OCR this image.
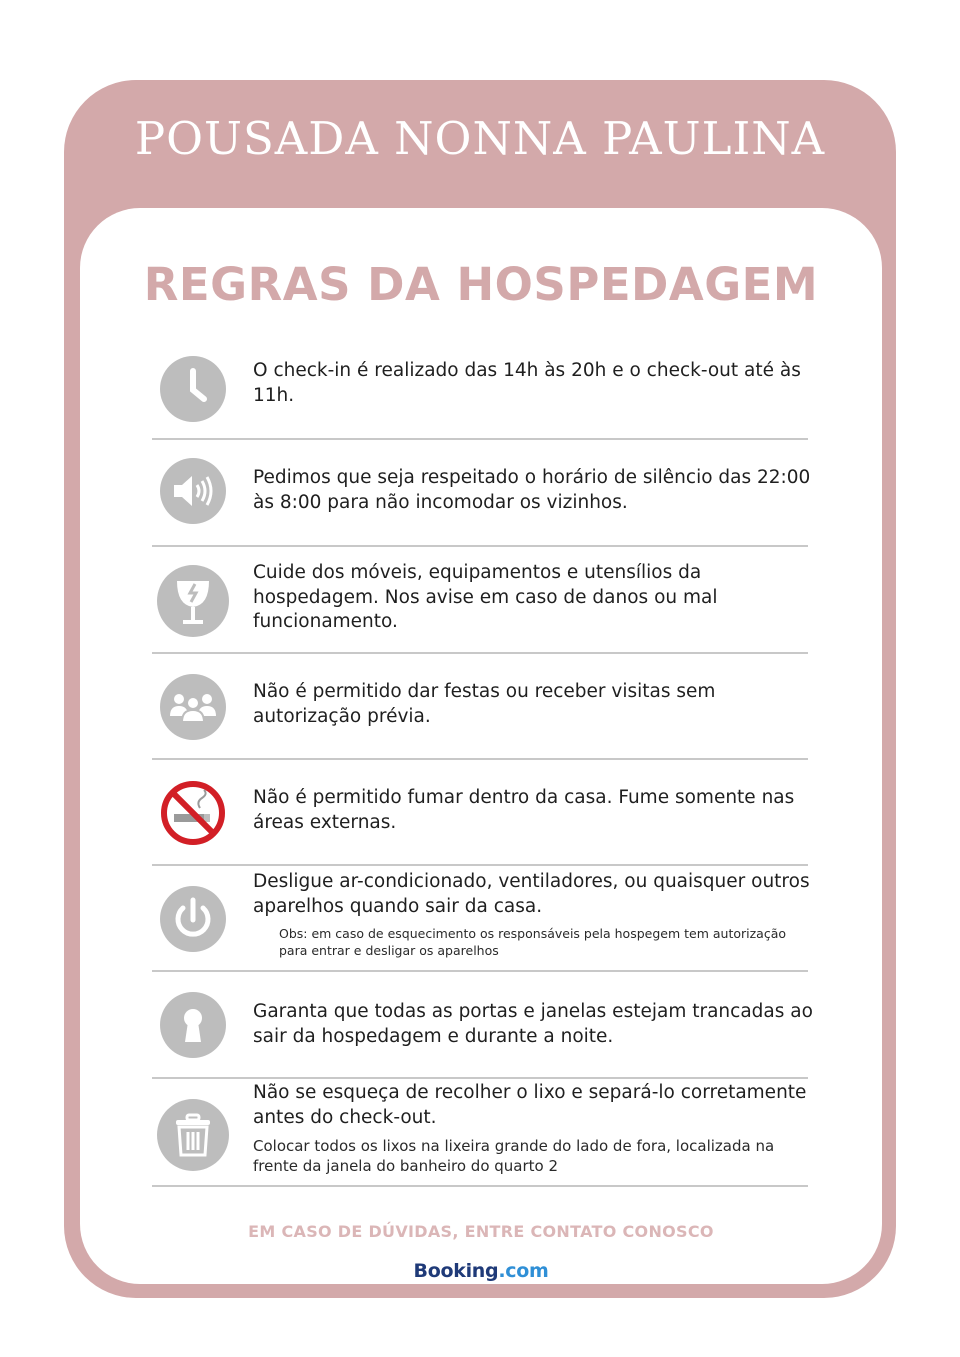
POUSADA NONNA PAULINA
REGRAS DA HOSPEDAGEM
O check-in é realizado das 14h às 20h e o check-out até às 11h.
Pedimos que seja respeitado o horário de silêncio das 22:00 às 8:00 para não incomodar os vizinhos.
Cuide dos móveis, equipamentos e utensílios da hospedagem. Nos avise em caso de danos ou mal funcionamento.
Não é permitido dar festas ou receber visitas sem autorização prévia.
Não é permitido fumar dentro da casa. Fume somente nas áreas externas.
Desligue ar-condicionado, ventiladores, ou quaisquer outros aparelhos quando sair da casa.
Obs: em caso de esquecimento os responsáveis pela hospegem tem autorização para entrar e desligar os aparelhos
Garanta que todas as portas e janelas estejam trancadas ao sair da hospedagem e durante a noite.
Não se esqueça de recolher o lixo e separá-lo corretamente antes do check-out.
Colocar todos os lixos na lixeira grande do lado de fora, localizada na frente da janela do banheiro do quarto 2
EM CASO DE DÚVIDAS, ENTRE CONTATO CONOSCO
Booking.com
